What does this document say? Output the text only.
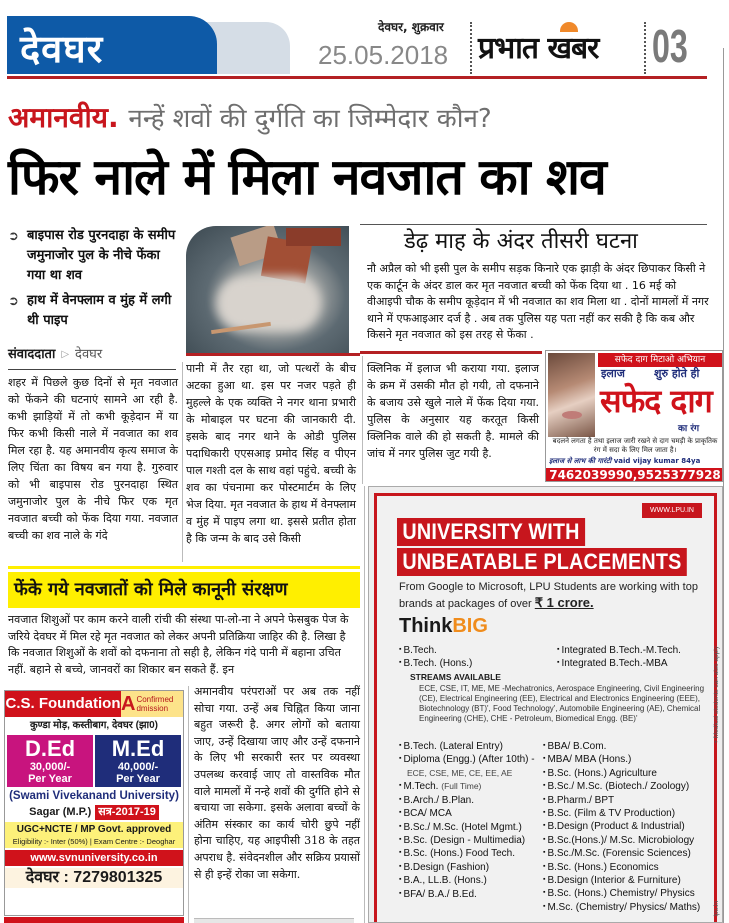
देवघर	देवघर, शुक्रवार
25.05.2018 प्रभात खबर 03
अमानवीय. नन्हें शवों की दुर्गति का जिम्मेदार कौन?
फिर नाले में मिला नवजात का शव
➲ बाइपास रोड पुरनदाहा के समीप जमुनाजोर पुल के नीचे फेंका गया था शव
➲ हाथ में वेनफ्लाम व मुंह में लगी थी पाइप
संवाददाता ▷ देवघर
डेढ़ माह के अंदर तीसरी घटना
नौ अप्रैल को भी इसी पुल के समीप सड़क किनारे एक झाड़ी के अंदर छिपाकर किसी ने एक कार्टून के अंदर डाल कर मृत नवजात बच्ची को फेंक दिया था . 16 मई को वीआइपी चौक के समीप कूड़ेदान में भी नवजात का शव मिला था . दोनों मामलों में नगर थाने में एफआइआर दर्ज है . अब तक पुलिस यह पता नहीं कर सकी है कि कब और किसने मृत नवजात को इस तरह से फेंका .
शहर में पिछले कुछ दिनों से मृत नवजात को फेंकने की घटनाएं सामने आ रही है. कभी झाड़ियों में तो कभी कूड़ेदान में या फिर कभी किसी नाले में नवजात का शव मिल रहा है. यह अमानवीय कृत्य समाज के लिए चिंता का विषय बन गया है. गुरुवार को भी बाइपास रोड पुरनदाहा स्थित जमुनाजोर पुल के नीचे फिर एक मृत नवजात बच्ची को फेंक दिया गया. नवजात बच्ची का शव नाले के गंदे
पानी में तैर रहा था, जो पत्थरों के बीच अटका हुआ था. इस पर नजर पड़ते ही मुहल्ले के एक व्यक्ति ने नगर थाना प्रभारी के मोबाइल पर घटना की जानकारी दी. इसके बाद नगर थाने के ओडी पुलिस पदाधिकारी एएसआइ प्रमोद सिंह व पीएन पाल गश्ती दल के साथ वहां पहुंचे. बच्ची के शव का पंचनामा कर पोस्टमार्टम के लिए भेज दिया. मृत नवजात के हाथ में वेनफ्लाम व मुंह में पाइप लगा था. इससे प्रतीत होता है कि जन्म के बाद उसे किसी
क्लिनिक में इलाज भी कराया गया. इलाज के क्रम में उसकी मौत हो गयी, तो दफनाने के बजाय उसे खुले नाले में फेंक दिया गया. पुलिस के अनुसार यह करतूत किसी क्लिनिक वाले की हो सकती है. मामले की जांच में नगर पुलिस जुट गयी है.
फेंके गये नवजातों को मिले कानूनी संरक्षण
नवजात शिशुओं पर काम करने वाली रांची की संस्था पा-लो-ना ने अपने फेसबुक पेज के जरिये देवघर में मिल रहे मृत नवजात को लेकर अपनी प्रतिक्रिया जाहिर की है. लिखा है कि नवजात शिशुओं के शवों को दफनाना तो सही है, लेकिन गंदे पानी में बहाना उचित नहीं. बहाने से बच्चे, जानवरों का शिकार बन सकते हैं. इन
अमानवीय परंपराओं पर अब तक नहीं सोचा गया. उन्हें अब चिह्नित किया जाना बहुत जरूरी है. अगर लोगों को बताया जाए, उन्हें दिखाया जाए और उन्हें दफनाने के लिए भी सरकारी स्तर पर व्यवस्था उपलब्ध करवाई जाए तो वास्तविक मौत वाले मामलों में नन्हे शवों की दुर्गति होने से बचाया जा सकेगा. इसके अलावा बच्चों के अंतिम संस्कार का कार्य चोरी छुपे नहीं होना चाहिए, यह आइपीसी 318 के तहत अपराध है. संवेदनशील और सक्रिय प्रयासों से ही इन्हें रोका जा सकेगा.
C.S. Foundation A Confirmed
dmission
कुण्डा मोड़, कस्तीबाग, देवघर (झा0)
D.Ed
30,000/-
Per Year
M.Ed
40,000/-
Per Year
(Swami Vivekanand University)
Sagar (M.P.) सत्र-2017-19
UGC+NCTE / MP Govt. approved
Eligibility :- Inter (50%) | Exam Centre :- Deoghar
www.svnuniversity.co.in
देवघर : 7279801325
सफेद दाग मिटाओ अभियान
इलाज	शुरु होते ही
सफेद दाग
का रंग
बदलने लगता है तथा इलाज जारी रखने से दाग चमड़ी के प्राकृतिक रंग में सदा के लिए मिल जाता है।
इलाज से लाभ की गारंटी vaid vijay kumar 84ya
7462039990,9525377928
WWW.LPU.IN
UNIVERSITY WITH
UNBEATABLE PLACEMENTS
From Google to Microsoft, LPU Students are working with top brands at packages of over ₹ 1 crore.
ThinkBIG
▪ B.Tech.
▪ B.Tech. (Hons.)
▪ Integrated B.Tech.-M.Tech.
▪ Integrated B.Tech.-MBA
STREAMS AVAILABLE
ECE, CSE, IT, ME, ME -Mechatronics, Aerospace Engineering, Civil Engineering (CE), Electrical Engineering (EE), Electrical and Electronics Engineering (EEE), Biotechnology (BT)', Food Technology', Automobile Engineering (AE), Chemical Engineering (CHE), CHE - Petroleum, Biomedical Engg. (BE)'
▪ B.Tech. (Lateral Entry)
▪ Diploma (Engg.) (After 10th) -
ECE, CSE, ME, CE, EE, AE
▪ M.Tech. (Full Time)
▪ B.Arch./ B.Plan.
▪ BCA/ MCA
▪ B.Sc./ M.Sc. (Hotel Mgmt.)
▪ B.Sc. (Design - Multimedia)
▪ B.Sc. (Hons.) Food Tech.
▪ B.Design (Fashion)
▪ B.A., LL.B. (Hons.)
▪ BFA/ B.A./ B.Ed.
▪ BBA/ B.Com.
▪ MBA/ MBA (Hons.)
▪ B.Sc. (Hons.) Agriculture
▪ B.Sc./ M.Sc. (Biotech./ Zoology)
▪ B.Pharm./ BPT
▪ B.Sc. (Film & TV Production)
▪ B.Design (Product & Industrial)
▪ B.Sc.(Hons.)/ M.Sc. Microbiology
▪ B.Sc./M.Sc. (Forensic Sciences)
▪ B.Sc. (Hons.) Economics
▪ B.Design (Interior & Furniture)
▪ B.Sc. (Hons.) Chemistry/ Physics
▪ M.Sc. (Chemistry/ Physics/ Maths)
+ Medical students can also apply
lpu.in
